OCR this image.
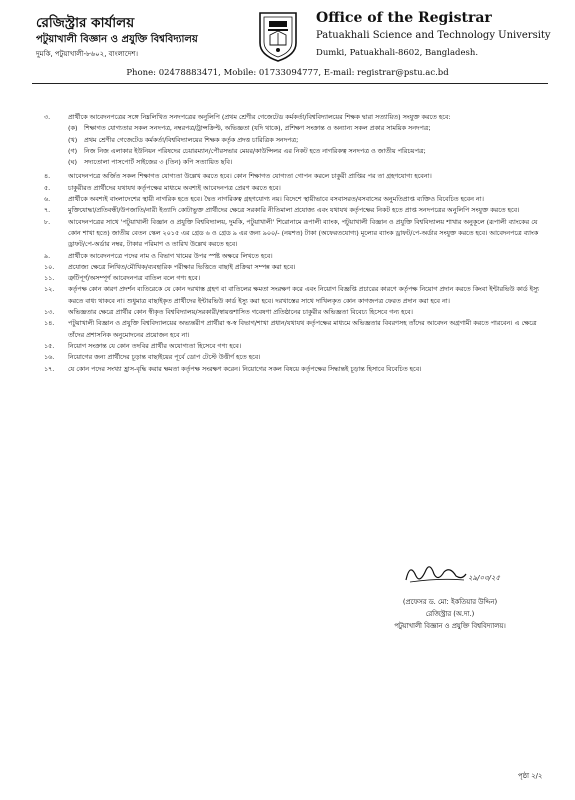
রেজিস্ট্রার কার্যালয়
পটুয়াখালী বিজ্ঞান ও প্রযুক্তি বিশ্ববিদ্যালয়
দুমকি, পটুয়াখালী-৮৬০২, বাংলাদেশ।
Office of the Registrar
Patuakhali Science and Technology University
Dumki, Patuakhali-8602, Bangladesh.
Phone: 02478883471, Mobile: 01733094777, E-mail: registrar@pstu.ac.bd
৩.	প্রার্থীকে আবেদনপত্রের সঙ্গে নিম্নলিখিত সনদপত্রের অনুলিপি (প্রথম শ্রেণীর গেজেটেড কর্মকর্তা/বিশ্ববিদ্যালয়ের শিক্ষক দ্বারা সত্যায়িত) সংযুক্ত করতে হবে:
(ক)	শিক্ষাগত যোগ্যতার সকল সনদপত্র, নম্বরপত্র/ট্রান্সক্রিপ্ট, অভিজ্ঞতা (যদি থাকে), প্রশিক্ষণ সংক্রান্ত ও অন্যান্য সকল প্রকার সাময়িক সনদপত্র;
(খ)	প্রথম শ্রেণীর গেজেটেড কর্মকর্তা/বিশ্ববিদ্যালয়ের শিক্ষক কর্তৃক প্রদত্ত চারিত্রিক সনদপত্র;
(গ)	নিজ নিজ এলাকার ইউনিয়ন পরিষদের চেয়ারম্যান/পৌরসভার মেয়র/কাউন্সিলর এর নিকট হতে নাগরিকত্ব সনদপত্র ও জাতীয় পরিচয়পত্র;
(ঘ)	সদ্যতোলা পাসপোর্ট সাইজের ৩ (তিন) কপি সত্যায়িত ছবি।
৪.	আবেদনপত্রে অর্জিত সকল শিক্ষাগত যোগ্যতা উল্লেখ করতে হবে। কোন শিক্ষাগত যোগ্যতা গোপন করলে চাকুরী প্রাপ্তির পর তা গ্রহণযোগ্য হবেনা।
৫.	চাকুরীরত প্রার্থীদের যথাযথ কর্তৃপক্ষের মাধ্যমে অবশ্যই আবেদনপত্র প্রেরণ করতে হবে।
৬.	প্রার্থীকে অবশ্যই বাংলাদেশের স্থায়ী নাগরিক হতে হবে। দ্বৈত নাগরিকত্ব গ্রহণযোগ্য নয়। বিদেশে স্থায়ীভাবে বসবাসরত/বসবাসের অনুমতিপ্রাপ্ত ব্যক্তিও বিবেচিত হবেন না।
৭.	মুক্তিযোদ্ধা/প্রতিবন্ধী/উপজাতি/নারী ইত্যাদি কোটাভুক্ত প্রার্থীদের ক্ষেত্রে সরকারি নীতিমালা প্রযোজ্য এবং যথাযথ কর্তৃপক্ষের নিকট হতে প্রাপ্ত সনদপত্রের অনুলিপি সংযুক্ত করতে হবে।
৮.	আবেদনপত্রের সাথে 'পটুয়াখালী বিজ্ঞান ও প্রযুক্তি বিশ্ববিদ্যালয়, দুমকি, পটুয়াখালী' শিরোনামে রূপালী ব্যাংক, পটুয়াখালী বিজ্ঞান ও প্রযুক্তি বিশ্ববিদ্যালয় শাখার অনুকূলে (রূপালী ব্যাংকের যে কোন শাখা হতে) জাতীয় বেতন স্কেল ২০১৫ এর গ্রেড ৬ ও গ্রেড ৯ এর জন্য ৯০০/- (নয়শত) টাকা (অফেরতযোগ্য) মূল্যের ব্যাংক ড্রাফট/পে-অর্ডার সংযুক্ত করতে হবে। আবেদনপত্রে ব্যাংক ড্রাফট/পে-অর্ডার নম্বর, টাকার পরিমাণ ও তারিখ উল্লেখ করতে হবে।
৯.	প্রার্থীকে আবেদনপত্রে পদের নাম ও বিভাগ খামের উপর স্পষ্ট অক্ষরে লিখতে হবে।
১০.	প্রযোজ্য ক্ষেত্রে লিখিত/মৌখিক/ব্যবহারিক পরীক্ষার ভিত্তিতে বাছাই প্রক্রিয়া সম্পন্ন করা হবে।
১১.	ত্রুটিপূর্ণ/অসম্পূর্ণ আবেদনপত্র বাতিল বলে গণ্য হবে।
১২.	কর্তৃপক্ষ কোন কারণ প্রদর্শন ব্যতিরেকে যে কোন দরখাস্ত গ্রহণ বা বাতিলের ক্ষমতা সংরক্ষণ করে এবং নিয়োগ বিজ্ঞপ্তি প্রচারের কারণে কর্তৃপক্ষ নিয়োগ প্রদান করতে কিংবা ইন্টারভিউ কার্ড ইস্যু করতে বাধ্য থাকবে না। শুধুমাত্র বাছাইকৃত প্রার্থীদের ইন্টারভিউ কার্ড ইস্যু করা হবে। দরখাস্তের সাথে দাখিলকৃত কোন কাগজপত্র ফেরত প্রদান করা হবে না।
১৩.	অভিজ্ঞতার ক্ষেত্রে প্রার্থীর কোন স্বীকৃত বিশ্ববিদ্যালয়/সরকারী/স্বায়ত্তশাসিত গবেষণা প্রতিষ্ঠানের চাকুরীর অভিজ্ঞতা বিবেচ্য হিসেবে গন্য হবে।
১৪.	পটুয়াখালী বিজ্ঞান ও প্রযুক্তি বিশ্ববিদ্যালয়ের অভ্যন্তরীণ প্রার্থীরা স্ব-স্ব বিভাগ/শাখা প্রধান/যথাযথ কর্তৃপক্ষের মাধ্যমে অভিজ্ঞতার বিবরণসহ তাঁদের আবেদন অগ্রগামী করতে পারবেন। এ ক্ষেত্রে তাঁদের প্রশাসনিক অনুমোদনের প্রয়োজন হবে না।
১৫.	নিয়োগ সংক্রান্ত যে কোন তদবির প্রার্থীর অযোগ্যতা হিসেবে গণ্য হবে।
১৬.	নিয়োগের জন্য প্রার্থীদের চূড়ান্ত বাছাইয়ের পূর্বে ডোপ টেস্টে উত্তীর্ণ হতে হবে।
১৭.	যে কোন পদের সংখ্যা হ্রাস-বৃদ্ধি করার ক্ষমতা কর্তৃপক্ষ সংরক্ষণ করেন। নিয়োগের সকল বিষয়ে কর্তৃপক্ষের সিদ্ধান্তই চূড়ান্ত হিসাবে বিবেচিত হবে।
২৯/০৩/২৫
(প্রফেসর ড. মো: ইকতিয়ার উদ্দিন)
রেজিস্ট্রার (অ.দা.)
পটুয়াখালী বিজ্ঞান ও প্রযুক্তি বিশ্ববিদ্যালয়।
পৃষ্ঠা ২/২
